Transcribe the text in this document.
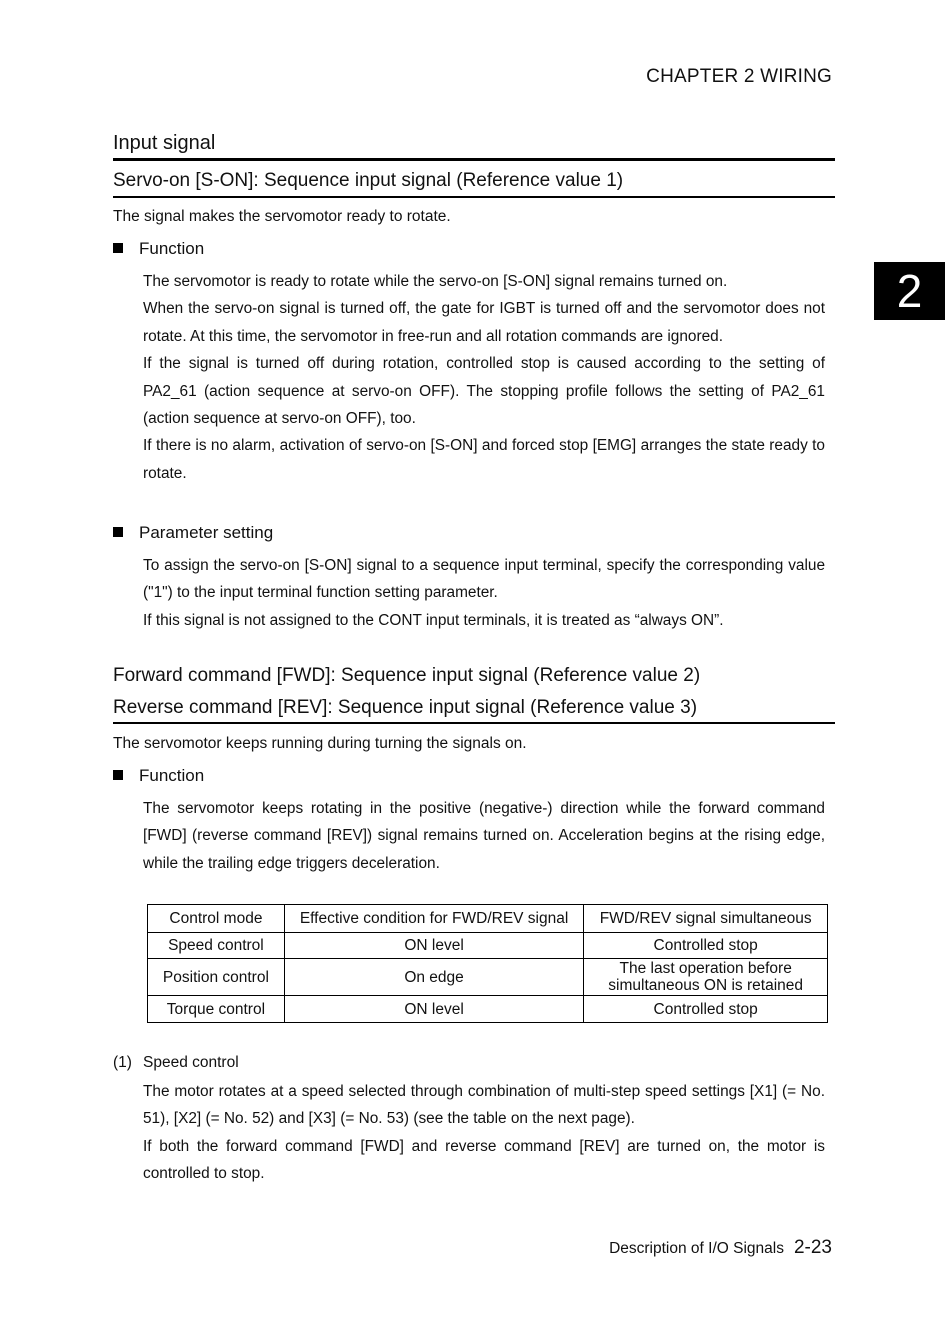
CHAPTER 2 WIRING
2
Input signal
Servo-on [S-ON]: Sequence input signal (Reference value 1)
The signal makes the servomotor ready to rotate.
Function

The servomotor is ready to rotate while the servo-on [S-ON] signal remains turned on.

When the servo-on signal is turned off, the gate for IGBT is turned off and the servomotor does not rotate. At this time, the servomotor in free-run and all rotation commands are ignored.

If the signal is turned off during rotation, controlled stop is caused according to the setting of PA2_61 (action sequence at servo-on OFF). The stopping profile follows the setting of PA2_61 (action sequence at servo-on OFF), too.

If there is no alarm, activation of servo-on [S-ON] and forced stop [EMG] arranges the state ready to rotate.

Parameter setting

To assign the servo-on [S-ON] signal to a sequence input terminal, specify the corresponding value ("1") to the input terminal function setting parameter.

If this signal is not assigned to the CONT input terminals, it is treated as “always ON”.

Forward command [FWD]: Sequence input signal (Reference value 2)
Reverse command [REV]: Sequence input signal (Reference value 3)
The servomotor keeps running during turning the signals on.
Function

The servomotor keeps rotating in the positive (negative-) direction while the forward command [FWD] (reverse command [REV]) signal remains turned on. Acceleration begins at the rising edge, while the trailing edge triggers deceleration.

Control mode	Effective condition for FWD/REV signal	FWD/REV signal simultaneous
Speed control	ON level	Controlled stop
Position control	On edge	The last operation before simultaneous ON is retained
Torque control	ON level	Controlled stop
(1) Speed control

The motor rotates at a speed selected through combination of multi-step speed settings [X1] (= No. 51), [X2] (= No. 52) and [X3] (= No. 53) (see the table on the next page).

If both the forward command [FWD] and reverse command [REV] are turned on, the motor is controlled to stop.

Description of I/O Signals 2-23
